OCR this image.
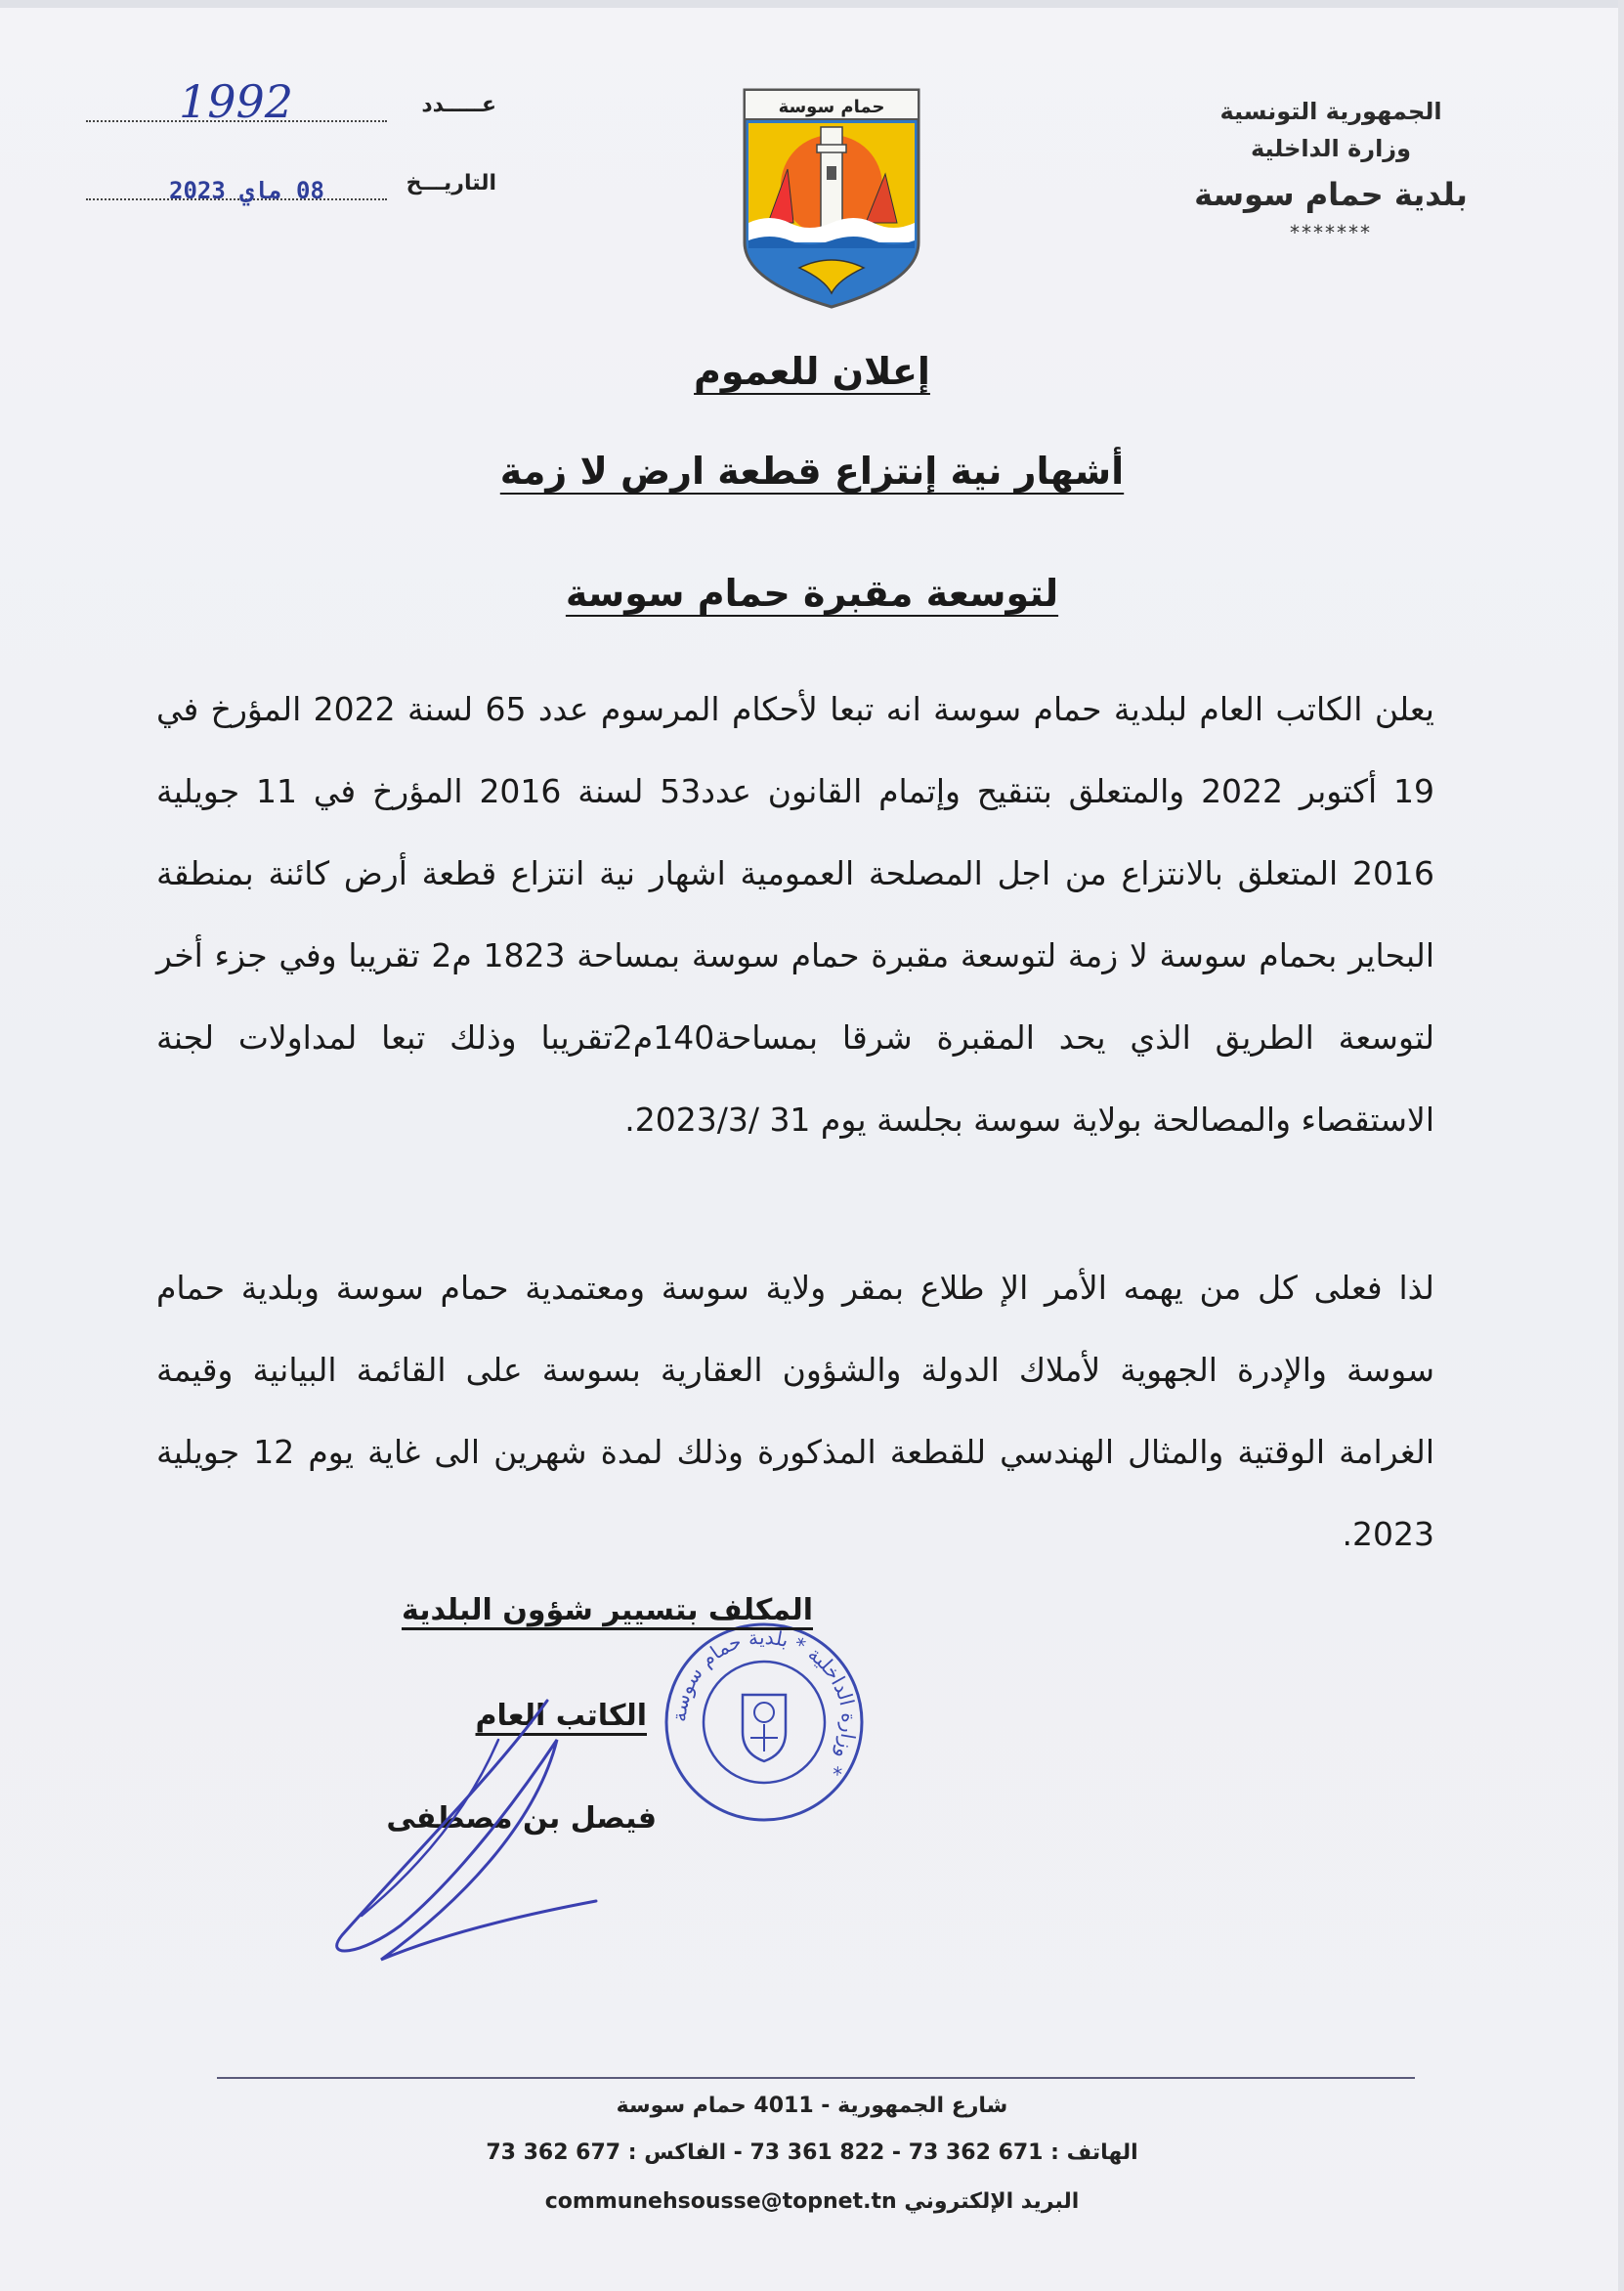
الجمهورية التونسية
وزارة الداخلية
بلدية حمام سوسة
*******
عـــــدد
1992
التاريـــخ
08 ماي 2023
حمام سوسة
إعلان للعموم
أشهار نية إنتزاع قطعة ارض لا زمة
لتوسعة مقبرة حمام سوسة
يعلن الكاتب العام لبلدية حمام سوسة انه تبعا لأحكام المرسوم عدد 65 لسنة 2022 المؤرخ في 19 أكتوبر 2022 والمتعلق بتنقيح وإتمام القانون عدد53 لسنة 2016 المؤرخ في 11 جويلية 2016 المتعلق بالانتزاع من اجل المصلحة العمومية اشهار نية انتزاع قطعة أرض كائنة بمنطقة البحاير بحمام سوسة لا زمة لتوسعة مقبرة حمام سوسة بمساحة 1823 م2 تقريبا وفي جزء أخر لتوسعة الطريق الذي يحد المقبرة شرقا بمساحة140م2تقريبا وذلك تبعا لمداولات لجنة الاستقصاء والمصالحة بولاية سوسة بجلسة يوم 31 /2023/3.
لذا فعلى كل من يهمه الأمر الإ طلاع بمقر ولاية سوسة ومعتمدية حمام سوسة وبلدية حمام سوسة والإدرة الجهوية لأملاك الدولة والشؤون العقارية بسوسة على القائمة البيانية وقيمة الغرامة الوقتية والمثال الهندسي للقطعة المذكورة وذلك لمدة شهرين الى غاية يوم 12 جويلية 2023.
وزارة الداخلية * بلدية حمام سوسة *
المكلف بتسيير شؤون البلدية
الكاتب العام
فيصل بن مصطفى
شارع الجمهورية - 4011 حمام سوسة
الهاتف : 73 361 822 - 73 362 671 - الفاكس : 73 362 677
البريد الإلكتروني communehsousse@topnet.tn
